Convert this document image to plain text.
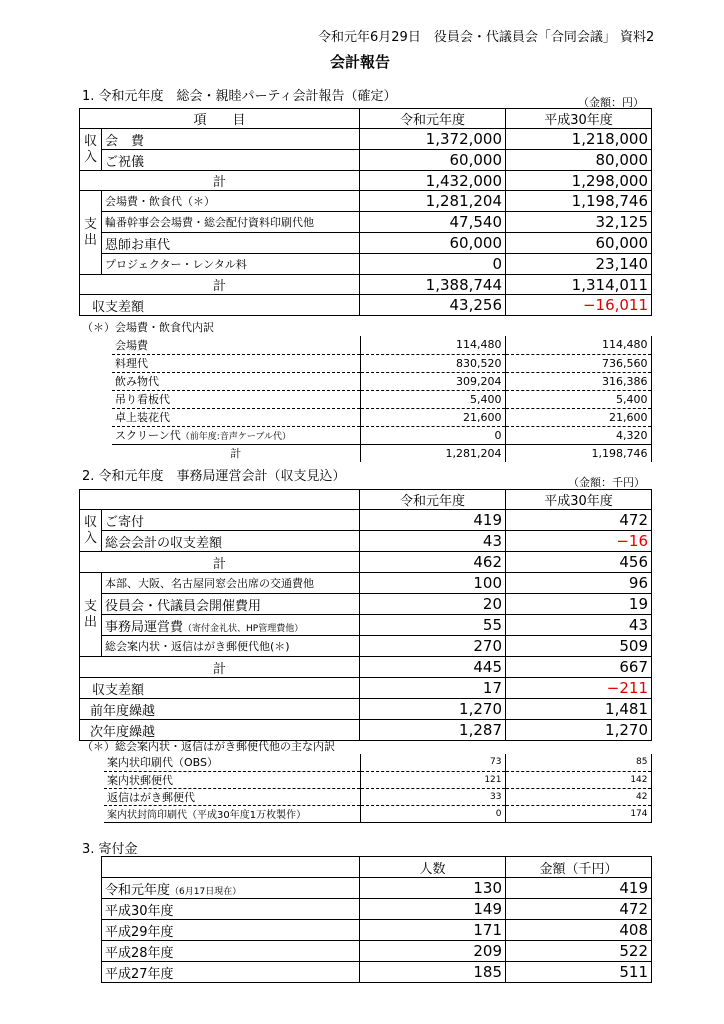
令和元年6月29日　役員会・代議員会「合同会議」 資料2
会計報告
1. 令和元年度　総会・親睦パーティ会計報告（確定）	（金額：円）
項　　目		令和元年度	平成30年度
収入	会　費	1,372,000	1,218,000
	ご祝儀	60,000	80,000
計		1,432,000	1,298,000
支出	会場費・飲食代（＊）	1,281,204	1,198,746
	輪番幹事会会場費・総会配付資料印刷代他	47,540	32,125
	恩師お車代	60,000	60,000
	プロジェクター・レンタル料	0	23,140
計		1,388,744	1,314,011
収支差額		43,256	−16,011
（＊）会場費・飲食代内訳
会場費	114,480	114,480
料理代	830,520	736,560
飲み物代	309,204	316,386
吊り看板代	5,400	5,400
卓上装花代	21,600	21,600
スクリーン代（前年度:音声ケーブル代）	0	4,320
計	1,281,204	1,198,746
2. 令和元年度　事務局運営会計（収支見込）	（金額：千円）
		令和元年度	平成30年度
収入	ご寄付	419	472
	総会会計の収支差額	43	−16
計		462	456
支出	本部、大阪、名古屋同窓会出席の交通費他	100	96
	役員会・代議員会開催費用	20	19
	事務局運営費（寄付金礼状、HP管理費他）	55	43
	総会案内状・返信はがき郵便代他(＊)	270	509
計		445	667
収支差額		17	−211
前年度繰越		1,270	1,481
次年度繰越		1,287	1,270
（＊）総会案内状・返信はがき郵便代他の主な内訳
案内状印刷代（OBS）	73	85
案内状郵便代	121	142
返信はがき郵便代	33	42
案内状封筒印刷代（平成30年度1万枚製作）	0	174
3. 寄付金
	人数	金額（千円）
令和元年度（6月17日現在）	130	419
平成30年度	149	472
平成29年度	171	408
平成28年度	209	522
平成27年度	185	511
